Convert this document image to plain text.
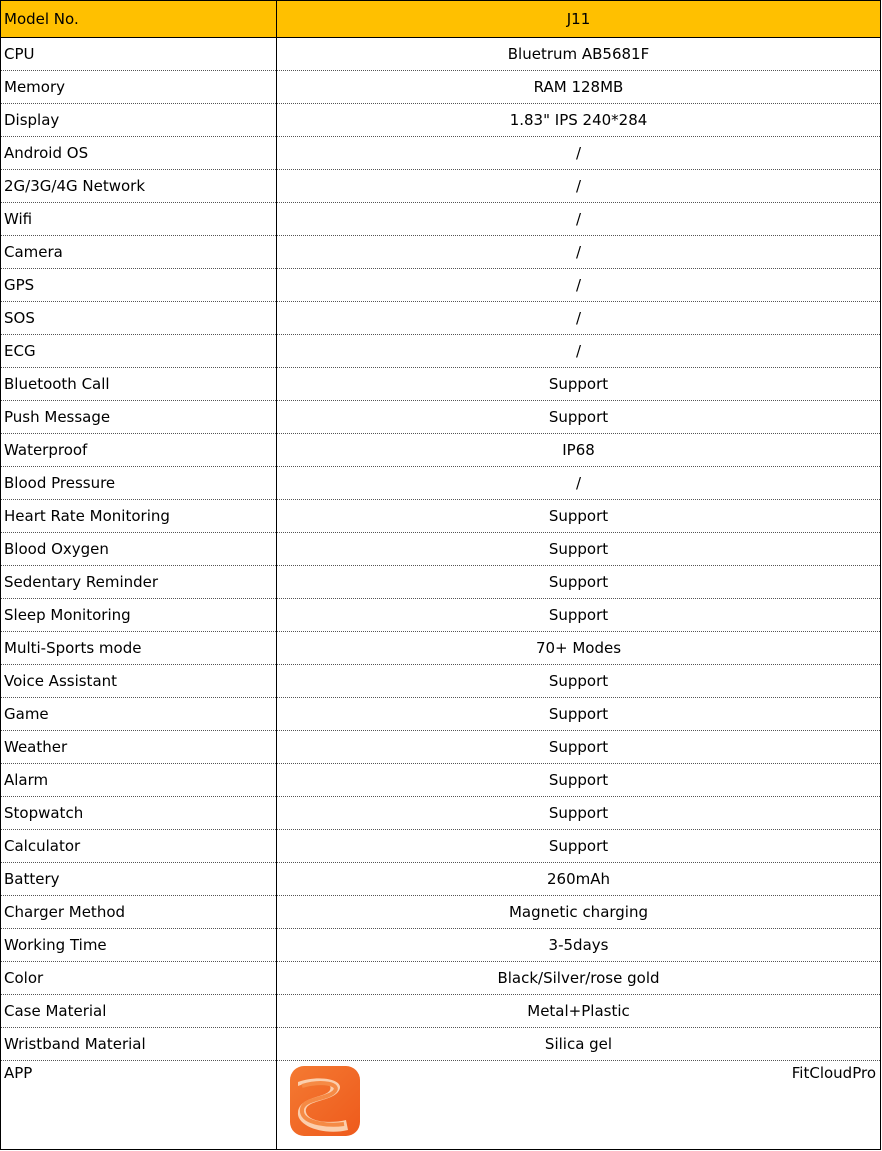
Model No.	J11
CPU	Bluetrum AB5681F
Memory	RAM 128MB
Display	1.83" IPS 240*284
Android OS	/
2G/3G/4G Network	/
Wifi	/
Camera	/
GPS	/
SOS	/
ECG	/
Bluetooth Call	Support
Push Message	Support
Waterproof	IP68
Blood Pressure	/
Heart Rate Monitoring	Support
Blood Oxygen	Support
Sedentary Reminder	Support
Sleep Monitoring	Support
Multi-Sports mode	70+ Modes
Voice Assistant	Support
Game	Support
Weather	Support
Alarm	Support
Stopwatch	Support
Calculator	Support
Battery	260mAh
Charger Method	Magnetic charging
Working Time	3-5days
Color	Black/Silver/rose gold
Case Material	Metal+Plastic
Wristband Material	Silica gel
APP	FitCloudPro
